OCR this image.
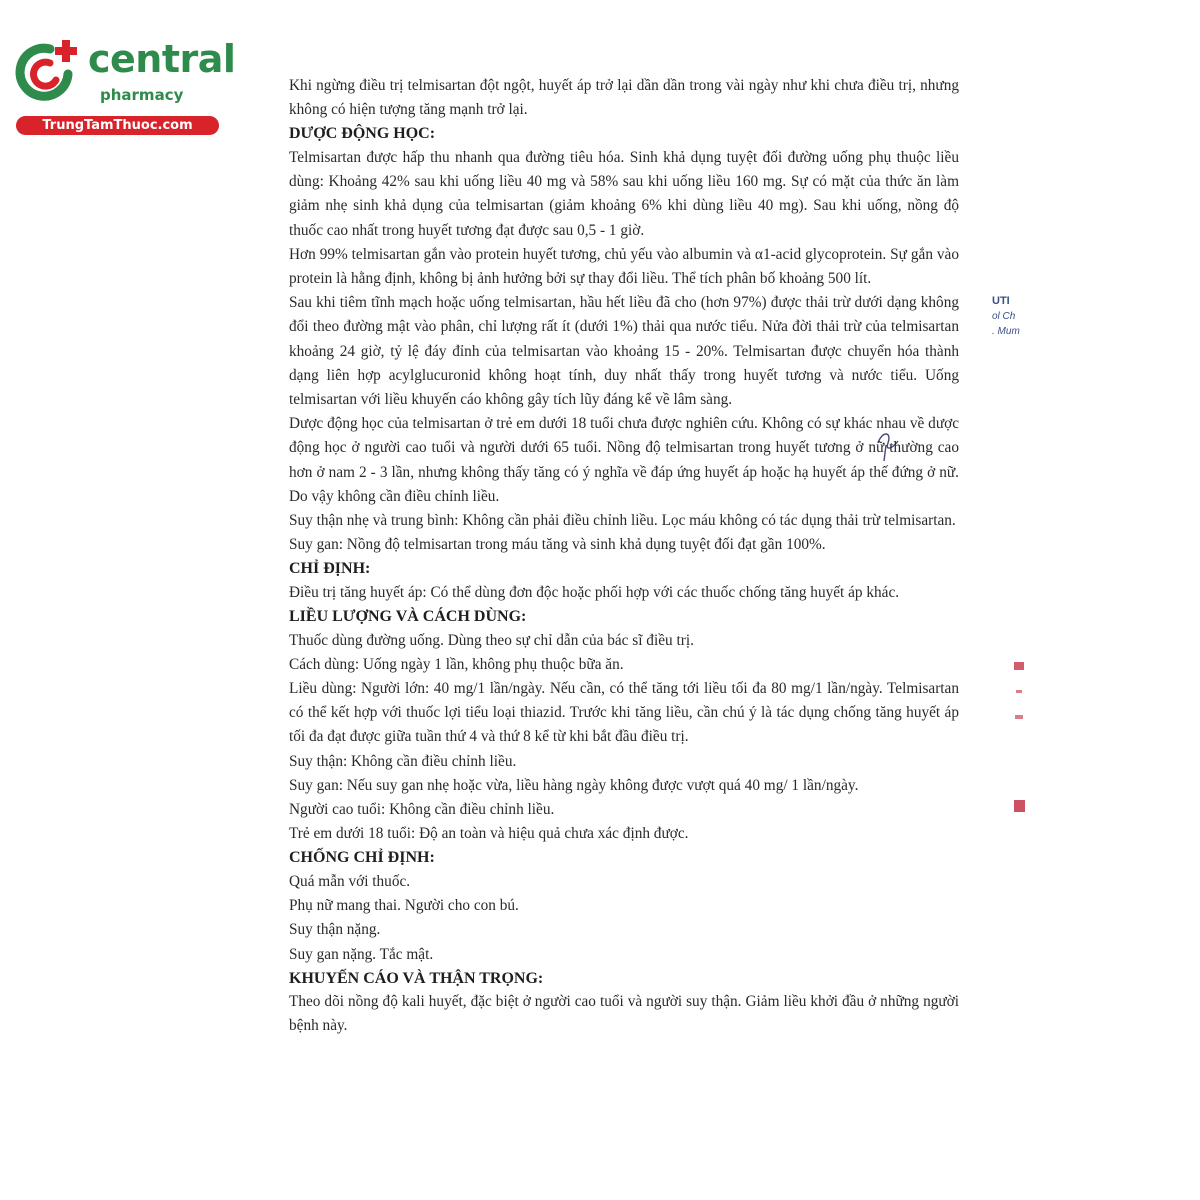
central
pharmacy
TrungTamThuoc.com
UTI
ol Ch
. Mum

Khi ngừng điều trị telmisartan đột ngột, huyết áp trở lại dần dần trong vài ngày như khi chưa điều trị, nhưng không có hiện tượng tăng mạnh trở lại.

DƯỢC ĐỘNG HỌC:

Telmisartan được hấp thu nhanh qua đường tiêu hóa. Sinh khả dụng tuyệt đối đường uống phụ thuộc liều dùng: Khoảng 42% sau khi uống liều 40 mg và 58% sau khi uống liều 160 mg. Sự có mặt của thức ăn làm giảm nhẹ sinh khả dụng của telmisartan (giảm khoảng 6% khi dùng liều 40 mg). Sau khi uống, nồng độ thuốc cao nhất trong huyết tương đạt được sau 0,5 - 1 giờ.

Hơn 99% telmisartan gắn vào protein huyết tương, chủ yếu vào albumin và α1-acid glycoprotein. Sự gắn vào protein là hằng định, không bị ảnh hưởng bởi sự thay đổi liều. Thể tích phân bố khoảng 500 lít.

Sau khi tiêm tĩnh mạch hoặc uống telmisartan, hầu hết liều đã cho (hơn 97%) được thải trừ dưới dạng không đổi theo đường mật vào phân, chỉ lượng rất ít (dưới 1%) thải qua nước tiểu. Nửa đời thải trừ của telmisartan khoảng 24 giờ, tỷ lệ đáy đỉnh của telmisartan vào khoảng 15 - 20%. Telmisartan được chuyển hóa thành dạng liên hợp acylglucuronid không hoạt tính, duy nhất thấy trong huyết tương và nước tiểu. Uống telmisartan với liều khuyến cáo không gây tích lũy đáng kể về lâm sàng.

Dược động học của telmisartan ở trẻ em dưới 18 tuổi chưa được nghiên cứu. Không có sự khác nhau về dược động học ở người cao tuổi và người dưới 65 tuổi. Nồng độ telmisartan trong huyết tương ở nữ thường cao hơn ở nam 2 - 3 lần, nhưng không thấy tăng có ý nghĩa về đáp ứng huyết áp hoặc hạ huyết áp thế đứng ở nữ. Do vậy không cần điều chỉnh liều.

Suy thận nhẹ và trung bình: Không cần phải điều chỉnh liều. Lọc máu không có tác dụng thải trừ telmisartan.

Suy gan: Nồng độ telmisartan trong máu tăng và sinh khả dụng tuyệt đối đạt gần 100%.

CHỈ ĐỊNH:

Điều trị tăng huyết áp: Có thể dùng đơn độc hoặc phối hợp với các thuốc chống tăng huyết áp khác.

LIỀU LƯỢNG VÀ CÁCH DÙNG:

Thuốc dùng đường uống. Dùng theo sự chỉ dẫn của bác sĩ điều trị.

Cách dùng: Uống ngày 1 lần, không phụ thuộc bữa ăn.

Liều dùng: Người lớn: 40 mg/1 lần/ngày. Nếu cần, có thể tăng tới liều tối đa 80 mg/1 lần/ngày. Telmisartan có thể kết hợp với thuốc lợi tiểu loại thiazid. Trước khi tăng liều, cần chú ý là tác dụng chống tăng huyết áp tối đa đạt được giữa tuần thứ 4 và thứ 8 kể từ khi bắt đầu điều trị.

Suy thận: Không cần điều chỉnh liều.

Suy gan: Nếu suy gan nhẹ hoặc vừa, liều hàng ngày không được vượt quá 40 mg/ 1 lần/ngày.

Người cao tuổi: Không cần điều chỉnh liều.

Trẻ em dưới 18 tuổi: Độ an toàn và hiệu quả chưa xác định được.

CHỐNG CHỈ ĐỊNH:

Quá mẫn với thuốc.

Phụ nữ mang thai. Người cho con bú.

Suy thận nặng.

Suy gan nặng. Tắc mật.

KHUYẾN CÁO VÀ THẬN TRỌNG:

Theo dõi nồng độ kali huyết, đặc biệt ở người cao tuổi và người suy thận. Giảm liều khởi đầu ở những người bệnh này.
